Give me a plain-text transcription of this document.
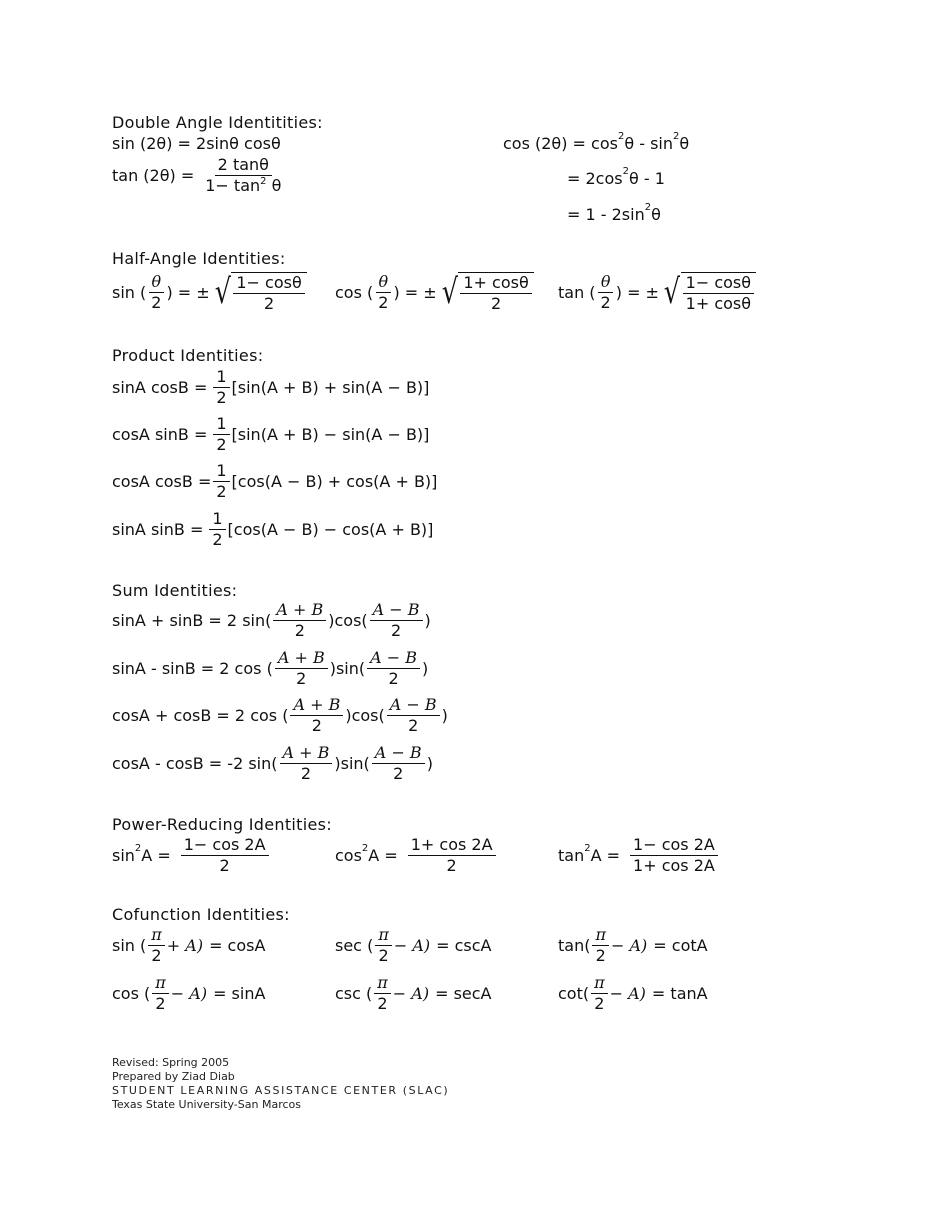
Double Angle Identitities:
sin (2θ) = 2sinθ cosθ
$\tan (2\theta) = \frac{2 \tan\theta}{1- \tan^2 \theta}$
cos (2θ) = cos 2 θ - sin 2 θ
= 2cos 2 θ - 1
= 1 - 2sin 2 θ
Half-Angle Identities:
sin ( $\frac{\theta}{2}$ ) = ± √ $\frac{1- \cos\theta}{2}$ cos ( $\frac{\theta}{2}$ ) = ± √ $\frac{1+ \cos\theta}{2}$ tan ( $\frac{\theta}{2}$ ) = ± √ $\frac{1- \cos\theta}{1+ \cos\theta}$
Product Identities:
sinA $\cos B = \frac{1}{2} [\sin(A + B) + \sin(A - B)]$
cosA $\sin B = \frac{1}{2} [\sin(A + B) - \sin(A - B)]$
cosA $\cos B = \frac{1}{2} [\cos(A - B) + \cos(A + B)]$
sinA $\sin B = \frac{1}{2} [\cos(A - B) - \cos(A + B)]$
Sum Identities:
sinA + sinB = 2 $\sin( \frac{A + B}{2} )\cos( \frac{A - B}{2}$ )
sinA - sinB = 2 cos ( $\frac{A + B}{2} )\sin( \frac{A - B}{2}$ )
cosA + cosB = 2 cos ( $\frac{A + B}{2} )\cos( \frac{A - B}{2}$ )
cosA - cosB = -2 $\sin( \frac{A + B}{2} )\sin( \frac{A - B}{2}$ )
Power-Reducing Identities:
sin 2 $A = \frac{1- \cos 2A}{2}$	cos 2 $A = \frac{1+ \cos 2A}{2}$	tan 2 $A = \frac{1- \cos 2A}{1+ \cos 2A}$
Cofunction Identities:
sin ( $\frac{\pi}{2} + A) = \cos A$	sec ( $\frac{\pi}{2} - A) = \csc A$	$\tan( \frac{\pi}{2} - A) = \cot A$
cos ( $\frac{\pi}{2} - A) = \sin A$	csc ( $\frac{\pi}{2} - A) = \sec A$	$\cot( \frac{\pi}{2} - A) = \tan A$
Revised: Spring 2005
Prepared by Ziad Diab
STUDENT LEARNING ASSISTANCE CENTER (SLAC)
Texas State University-San Marcos
